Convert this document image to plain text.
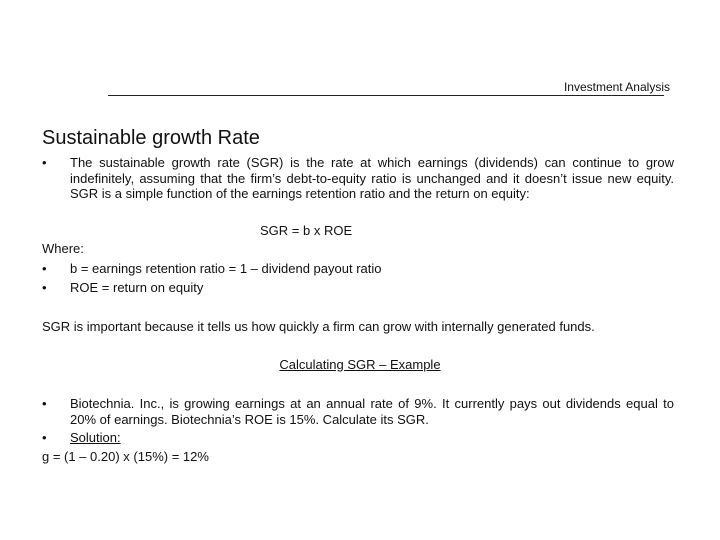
Investment Analysis
Sustainable growth Rate
• The sustainable growth rate (SGR) is the rate at which earnings (dividends) can continue to grow indefinitely, assuming that the firm’s debt-to-equity ratio is unchanged and it doesn’t issue new equity. SGR is a simple function of the earnings retention ratio and the return on equity:
SGR = b x ROE
Where:
• b = earnings retention ratio = 1 – dividend payout ratio
• ROE = return on equity
SGR is important because it tells us how quickly a firm can grow with internally generated funds.
Calculating SGR – Example
• Biotechnia. Inc., is growing earnings at an annual rate of 9%. It currently pays out dividends equal to 20% of earnings. Biotechnia’s ROE is 15%. Calculate its SGR.
• Solution:
g = (1 – 0.20) x (15%) = 12%
